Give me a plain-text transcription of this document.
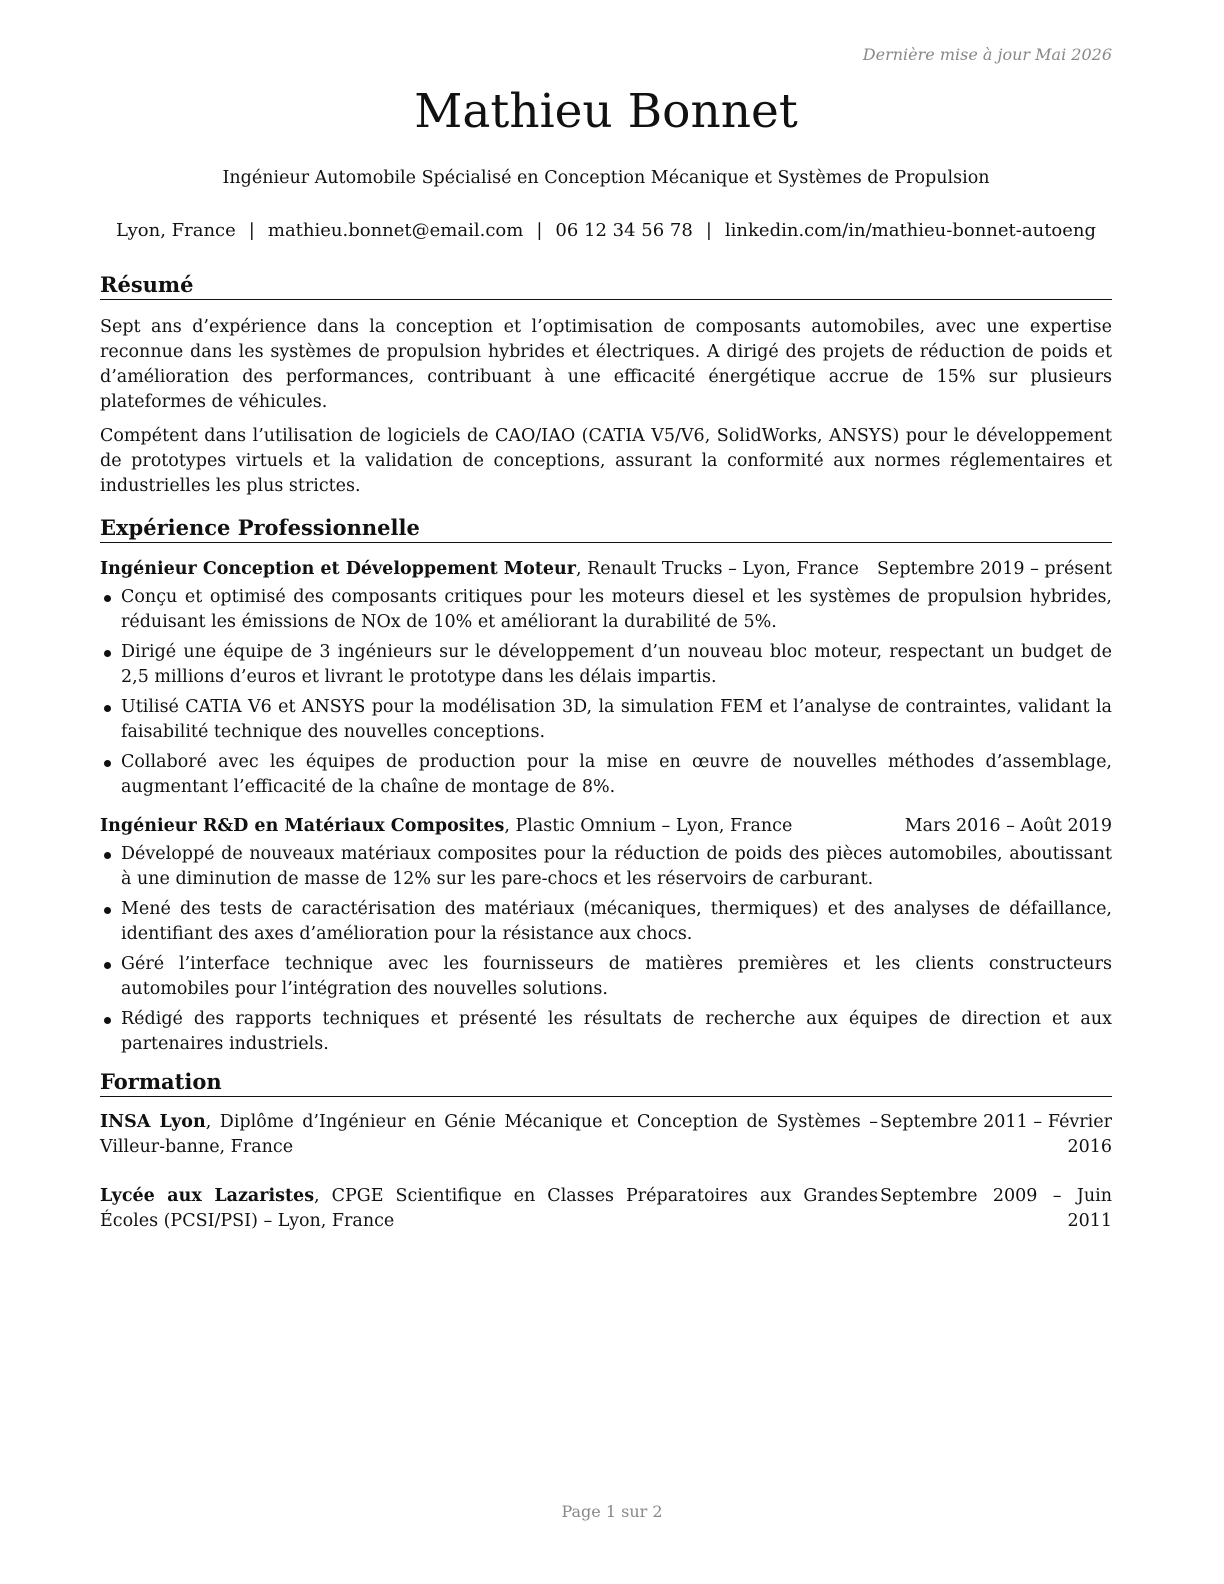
Dernière mise à jour Mai 2026
Mathieu Bonnet
Ingénieur Automobile Spécialisé en Conception Mécanique et Systèmes de Propulsion
Lyon, France | mathieu.bonnet@email.com | 06 12 34 56 78 | linkedin.com/in/mathieu-bonnet-autoeng
Résumé

Sept ans d’expérience dans la conception et l’optimisation de composants automobiles, avec une expertise reconnue dans les systèmes de propulsion hybrides et électriques. A dirigé des projets de réduction de poids et d’amélioration des performances, contribuant à une efficacité énergétique accrue de 15% sur plusieurs plateformes de véhicules.

Compétent dans l’utilisation de logiciels de CAO/IAO (CATIA V5/V6, SolidWorks, ANSYS) pour le développement de prototypes virtuels et la validation de conceptions, assurant la conformité aux normes réglementaires et industrielles les plus strictes.

Expérience Professionnelle
Ingénieur Conception et Développement Moteur, Renault Trucks – Lyon, France Septembre 2019 – présent
Conçu et optimisé des composants critiques pour les moteurs diesel et les systèmes de propulsion hybrides, réduisant les émissions de NOx de 10% et améliorant la durabilité de 5%.
Dirigé une équipe de 3 ingénieurs sur le développement d’un nouveau bloc moteur, respectant un budget de 2,5 millions d’euros et livrant le prototype dans les délais impartis.
Utilisé CATIA V6 et ANSYS pour la modélisation 3D, la simulation FEM et l’analyse de contraintes, validant la faisabilité technique des nouvelles conceptions.
Collaboré avec les équipes de production pour la mise en œuvre de nouvelles méthodes d’assemblage, augmentant l’efficacité de la chaîne de montage de 8%.
Ingénieur R&D en Matériaux Composites, Plastic Omnium – Lyon, France	Mars 2016 – Août 2019
Développé de nouveaux matériaux composites pour la réduction de poids des pièces automobiles, aboutissant à une diminution de masse de 12% sur les pare-chocs et les réservoirs de carburant.
Mené des tests de caractérisation des matériaux (mécaniques, thermiques) et des analyses de défaillance, identifiant des axes d’amélioration pour la résistance aux chocs.
Géré l’interface technique avec les fournisseurs de matières premières et les clients constructeurs automobiles pour l’intégration des nouvelles solutions.
Rédigé des rapports techniques et présenté les résultats de recherche aux équipes de direction et aux partenaires industriels.
Formation
INSA Lyon, Diplôme d’Ingénieur en Génie Mécanique et Conception de Systèmes – Villeur-banne, France
Septembre 2011 – Février
2016
Lycée aux Lazaristes, CPGE Scientifique en Classes Préparatoires aux Grandes Écoles (PCSI/PSI) – Lyon, France
Septembre 2009 – Juin
2011
Page 1 sur 2
